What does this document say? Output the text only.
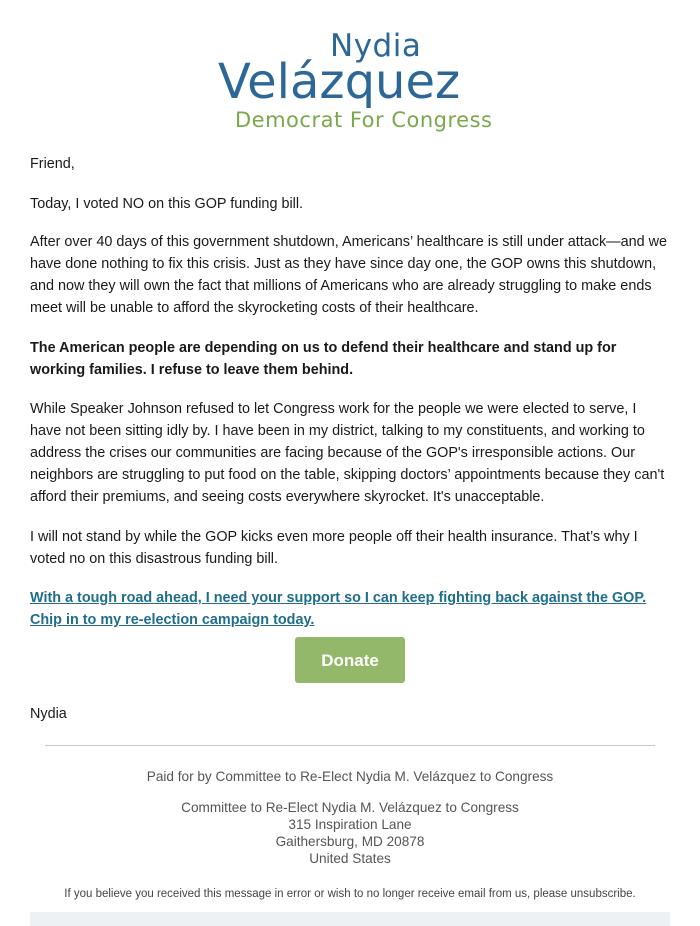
Nydia
Velázquez
Democrat For Congress

Friend,

Today, I voted NO on this GOP funding bill.

After over 40 days of this government shutdown, Americans’ healthcare is still under attack—and we have done nothing to fix this crisis. Just as they have since day one, the GOP owns this shutdown, and now they will own the fact that millions of Americans who are already struggling to make ends meet will be unable to afford the skyrocketing costs of their healthcare.

The American people are depending on us to defend their healthcare and stand up for working families. I refuse to leave them behind.

While Speaker Johnson refused to let Congress work for the people we were elected to serve, I have not been sitting idly by. I have been in my district, talking to my constituents, and working to address the crises our communities are facing because of the GOP's irresponsible actions. Our neighbors are struggling to put food on the table, skipping doctors’ appointments because they can't afford their premiums, and seeing costs everywhere skyrocket. It's unacceptable.

I will not stand by while the GOP kicks even more people off their health insurance. That’s why I voted no on this disastrous funding bill.

With a tough road ahead, I need your support so I can keep fighting back against the GOP. Chip in to my re-election campaign today.
Donate
Nydia
Paid for by Committee to Re-Elect Nydia M. Velázquez to Congress
Committee to Re-Elect Nydia M. Velázquez to Congress
315 Inspiration Lane
Gaithersburg, MD 20878
United States
If you believe you received this message in error or wish to no longer receive email from us, please unsubscribe.
